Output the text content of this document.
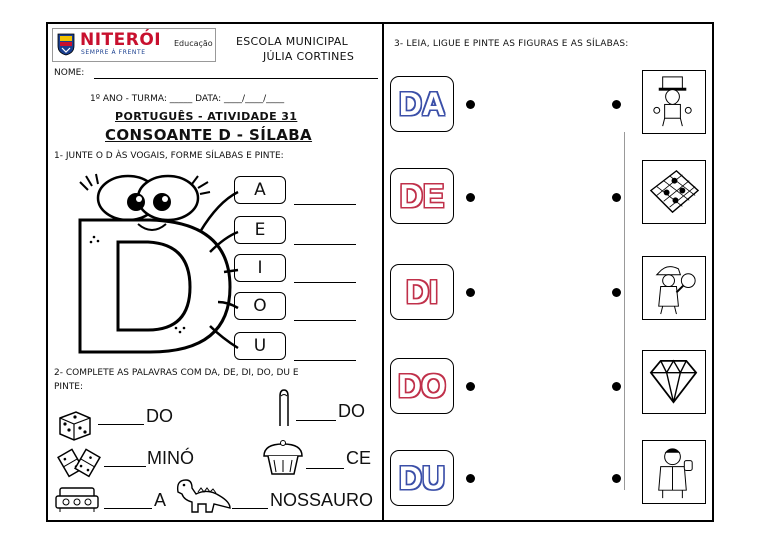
NITERÓI
SEMPRE À FRENTE
Educação ESCOLA MUNICIPAL
JÚLIA CORTINES
NOME:
1º ANO - TURMA: _____ DATA: ____/____/____
PORTUGUÊS - ATIVIDADE 31
CONSOANTE D - SÍLABA
1- JUNTE O D ÀS VOGAIS, FORME SÍLABAS E PINTE:
A
E
I
O
U
2- COMPLETE AS PALAVRAS COM DA, DE, DI, DO, DU E
PINTE:
DO	DO
MINÓ	CE
A	NOSSAURO
3- LEIA, LIGUE E PINTE AS FIGURAS E AS SÍLABAS:
DA
DE
DI
DO
DU
